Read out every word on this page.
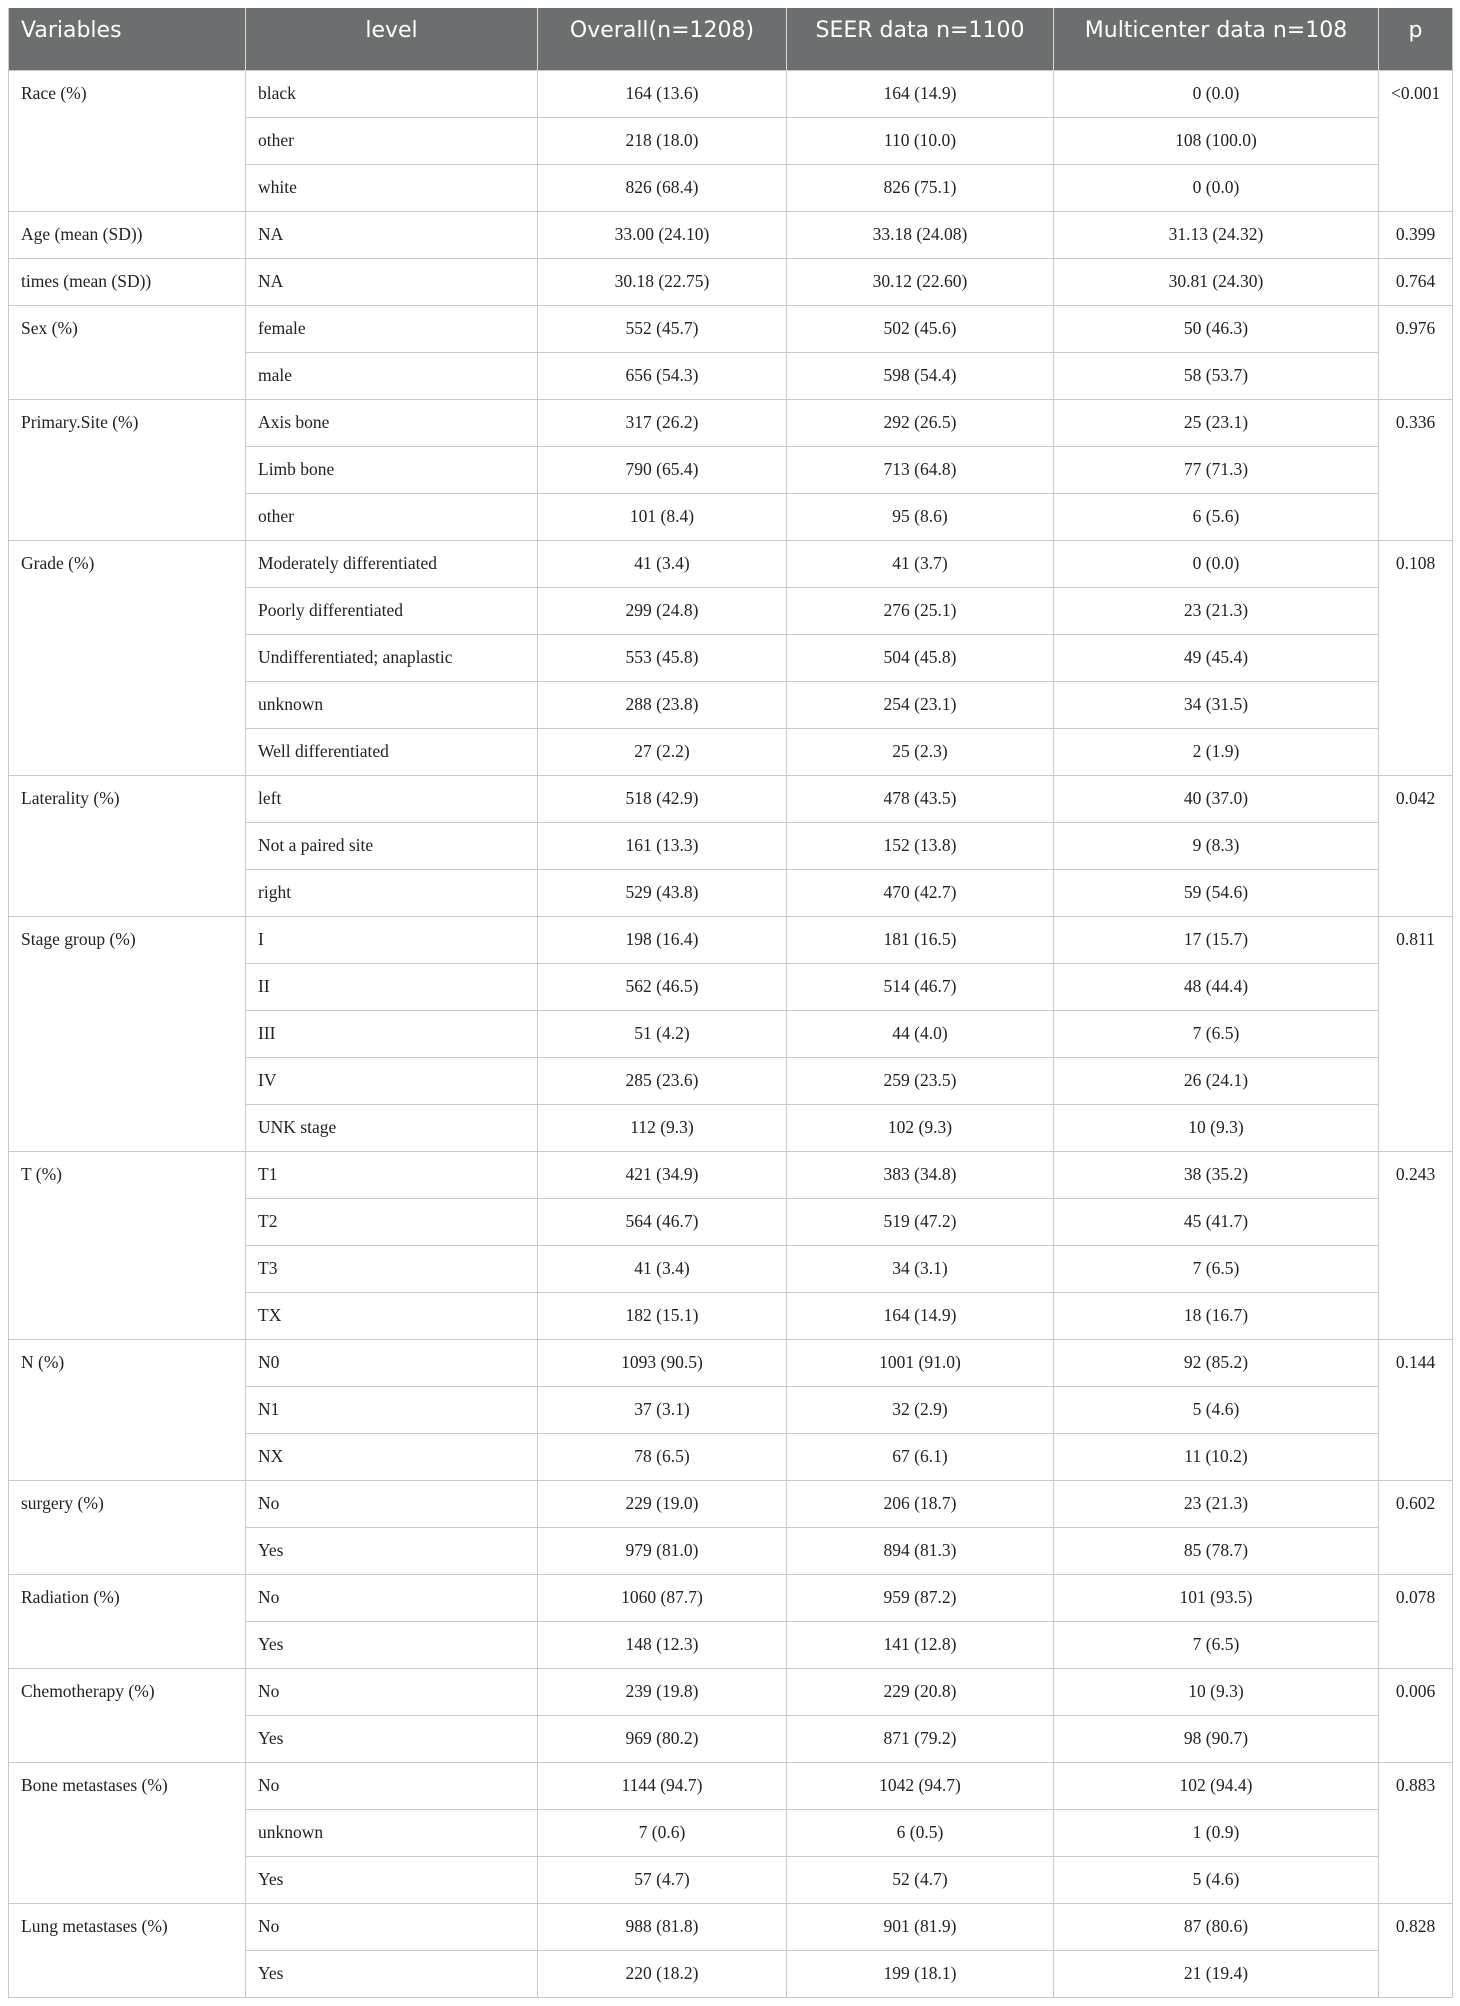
Variables	level	Overall(n=1208)	SEER data n=1100	Multicenter data n=108	p
Race (%)	black	164 (13.6)	164 (14.9)	0 (0.0)	<0.001
	other	218 (18.0)	110 (10.0)	108 (100.0)	
	white	826 (68.4)	826 (75.1)	0 (0.0)	
Age (mean (SD))	NA	33.00 (24.10)	33.18 (24.08)	31.13 (24.32)	0.399
times (mean (SD))	NA	30.18 (22.75)	30.12 (22.60)	30.81 (24.30)	0.764
Sex (%)	female	552 (45.7)	502 (45.6)	50 (46.3)	0.976
	male	656 (54.3)	598 (54.4)	58 (53.7)	
Primary.Site (%)	Axis bone	317 (26.2)	292 (26.5)	25 (23.1)	0.336
	Limb bone	790 (65.4)	713 (64.8)	77 (71.3)	
	other	101 (8.4)	95 (8.6)	6 (5.6)	
Grade (%)	Moderately differentiated	41 (3.4)	41 (3.7)	0 (0.0)	0.108
	Poorly differentiated	299 (24.8)	276 (25.1)	23 (21.3)	
	Undifferentiated; anaplastic	553 (45.8)	504 (45.8)	49 (45.4)	
	unknown	288 (23.8)	254 (23.1)	34 (31.5)	
	Well differentiated	27 (2.2)	25 (2.3)	2 (1.9)	
Laterality (%)	left	518 (42.9)	478 (43.5)	40 (37.0)	0.042
	Not a paired site	161 (13.3)	152 (13.8)	9 (8.3)	
	right	529 (43.8)	470 (42.7)	59 (54.6)	
Stage group (%)	I	198 (16.4)	181 (16.5)	17 (15.7)	0.811
	II	562 (46.5)	514 (46.7)	48 (44.4)	
	III	51 (4.2)	44 (4.0)	7 (6.5)	
	IV	285 (23.6)	259 (23.5)	26 (24.1)	
	UNK stage	112 (9.3)	102 (9.3)	10 (9.3)	
T (%)	T1	421 (34.9)	383 (34.8)	38 (35.2)	0.243
	T2	564 (46.7)	519 (47.2)	45 (41.7)	
	T3	41 (3.4)	34 (3.1)	7 (6.5)	
	TX	182 (15.1)	164 (14.9)	18 (16.7)	
N (%)	N0	1093 (90.5)	1001 (91.0)	92 (85.2)	0.144
	N1	37 (3.1)	32 (2.9)	5 (4.6)	
	NX	78 (6.5)	67 (6.1)	11 (10.2)	
surgery (%)	No	229 (19.0)	206 (18.7)	23 (21.3)	0.602
	Yes	979 (81.0)	894 (81.3)	85 (78.7)	
Radiation (%)	No	1060 (87.7)	959 (87.2)	101 (93.5)	0.078
	Yes	148 (12.3)	141 (12.8)	7 (6.5)	
Chemotherapy (%)	No	239 (19.8)	229 (20.8)	10 (9.3)	0.006
	Yes	969 (80.2)	871 (79.2)	98 (90.7)	
Bone metastases (%)	No	1144 (94.7)	1042 (94.7)	102 (94.4)	0.883
	unknown	7 (0.6)	6 (0.5)	1 (0.9)	
	Yes	57 (4.7)	52 (4.7)	5 (4.6)	
Lung metastases (%)	No	988 (81.8)	901 (81.9)	87 (80.6)	0.828
	Yes	220 (18.2)	199 (18.1)	21 (19.4)	
